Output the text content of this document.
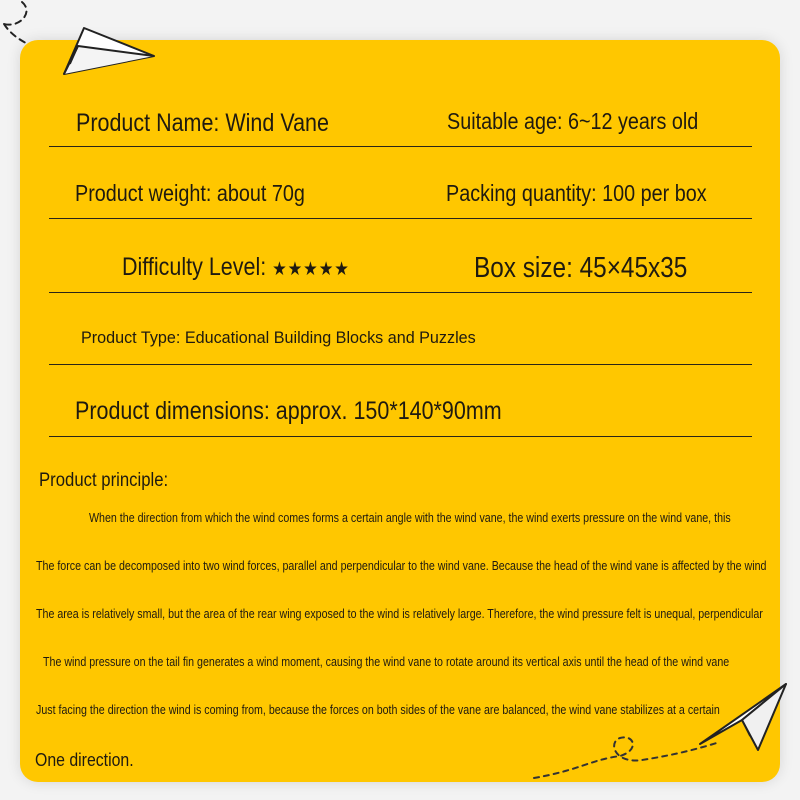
Product Name: Wind Vane	Suitable age: 6~12 years old
Product weight: about 70g	Packing quantity: 100 per box
Difficulty Level: ★★★★★	Box size: 45×45x35
Product Type: Educational Building Blocks and Puzzles
Product dimensions: approx. 150*140*90mm
Product principle:
When the direction from which the wind comes forms a certain angle with the wind vane, the wind exerts pressure on the wind vane, this
The force can be decomposed into two wind forces, parallel and perpendicular to the wind vane. Because the head of the wind vane is affected by the wind
The area is relatively small, but the area of the rear wing exposed to the wind is relatively large. Therefore, the wind pressure felt is unequal, perpendicular
The wind pressure on the tail fin generates a wind moment, causing the wind vane to rotate around its vertical axis until the head of the wind vane
Just facing the direction the wind is coming from, because the forces on both sides of the vane are balanced, the wind vane stabilizes at a certain
One direction.
